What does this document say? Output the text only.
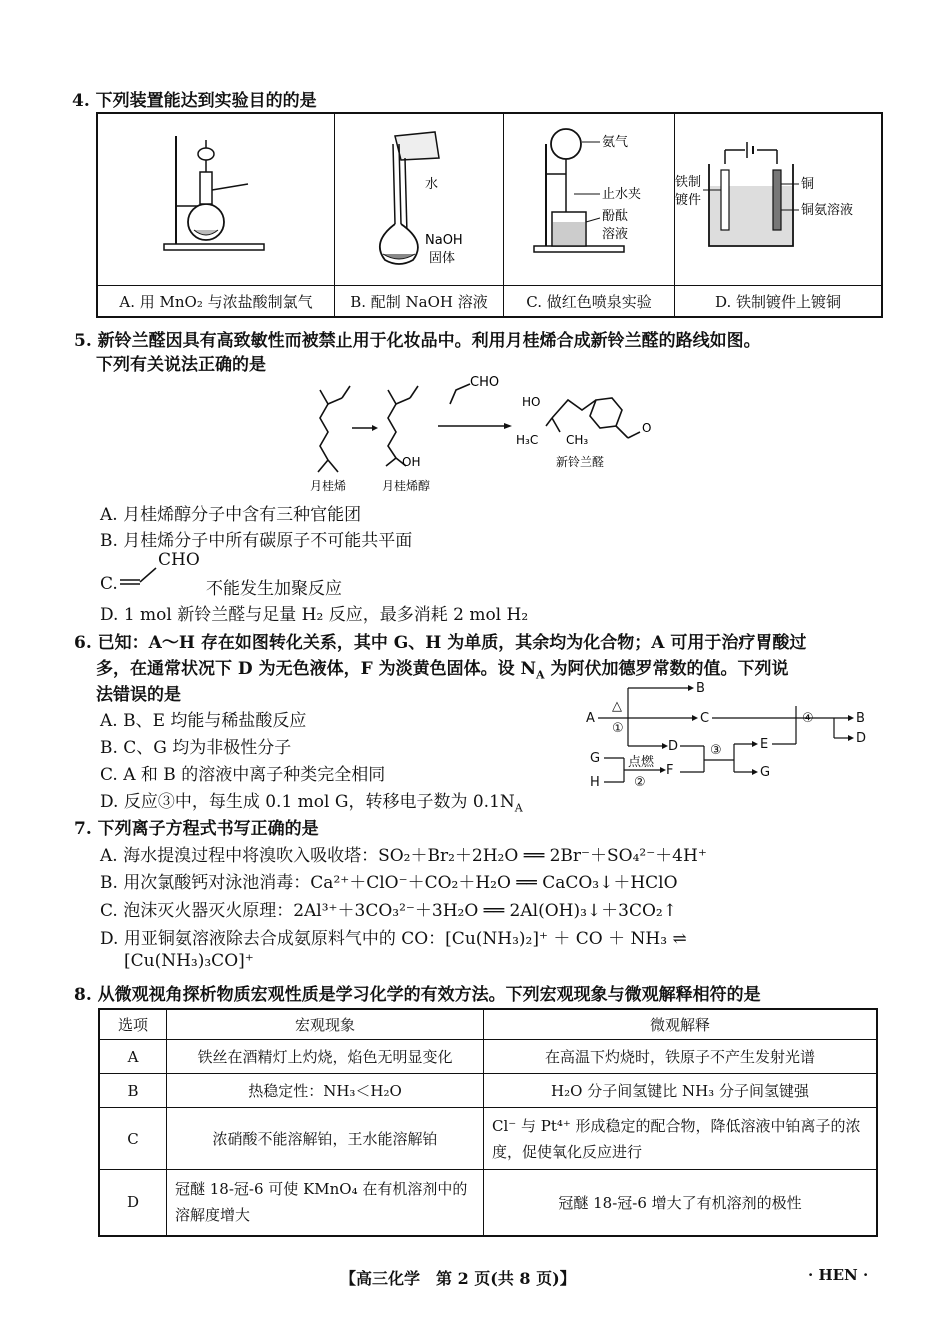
4. 下列装置能达到实验目的的是

水
NaOH
固体	氨气
止水夹
酚酞
溶液	铁制
镀件
铜
铜氨溶液

A. 用 MnO₂ 与浓盐酸制氯气	B. 配制 NaOH 溶液	C. 做红色喷泉实验	D. 铁制镀件上镀铜
5. 新铃兰醛因具有高致敏性而被禁止用于化妆品中。利用月桂烯合成新铃兰醛的路线如图。
下列有关说法正确的是
月桂烯
OH
月桂烯醇
CHO
HO
H₃C CH₃
O
新铃兰醛
A. 月桂烯醇分子中含有三种官能团
B. 月桂烯分子中所有碳原子不可能共平面
C.
CHO
不能发生加聚反应
D. 1 mol 新铃兰醛与足量 H₂ 反应，最多消耗 2 mol H₂
6. 已知：A～H 存在如图转化关系，其中 G、H 为单质，其余均为化合物；A 可用于治疗胃酸过
多，在通常状况下 D 为无色液体，F 为淡黄色固体。设 $N_A$ 为阿伏加德罗常数的值。下列说
法错误的是
A. B、E 均能与稀盐酸反应
B. C、G 均为非极性分子
C. A 和 B 的溶液中离子种类完全相同
D. 反应③中，每生成 0.1 mol G，转移电子数为 $0.1N_A$
A
△
①
B
C
D ③	E
G
④	B
D
G
H
点燃
②
F
7. 下列离子方程式书写正确的是
A. 海水提溴过程中将溴吹入吸收塔：SO₂＋Br₂＋2H₂O ══ 2Br⁻＋SO₄²⁻＋4H⁺
B. 用次氯酸钙对泳池消毒：Ca²⁺＋ClO⁻＋CO₂＋H₂O ══ CaCO₃↓＋HClO
C. 泡沫灭火器灭火原理：2Al³⁺＋3CO₃²⁻＋3H₂O ══ 2Al(OH)₃↓＋3CO₂↑
D. 用亚铜氨溶液除去合成氨原料气中的 CO：[Cu(NH₃)₂]⁺ ＋ CO ＋ NH₃ ⇌
[Cu(NH₃)₃CO]⁺
8. 从微观视角探析物质宏观性质是学习化学的有效方法。下列宏观现象与微观解释相符的是
选项	宏观现象	微观解释
A	铁丝在酒精灯上灼烧，焰色无明显变化	在高温下灼烧时，铁原子不产生发射光谱
B	热稳定性：NH₃＜H₂O	H₂O 分子间氢键比 NH₃ 分子间氢键强
C	浓硝酸不能溶解铂，王水能溶解铂	Cl⁻ 与 Pt⁴⁺ 形成稳定的配合物，降低溶液中铂离子的浓度，促使氧化反应进行
D	冠醚 18-冠-6 可使 KMnO₄ 在有机溶剂中的溶解度增大	冠醚 18-冠-6 增大了有机溶剂的极性
【高三化学　第 2 页(共 8 页)】	· HEN ·
